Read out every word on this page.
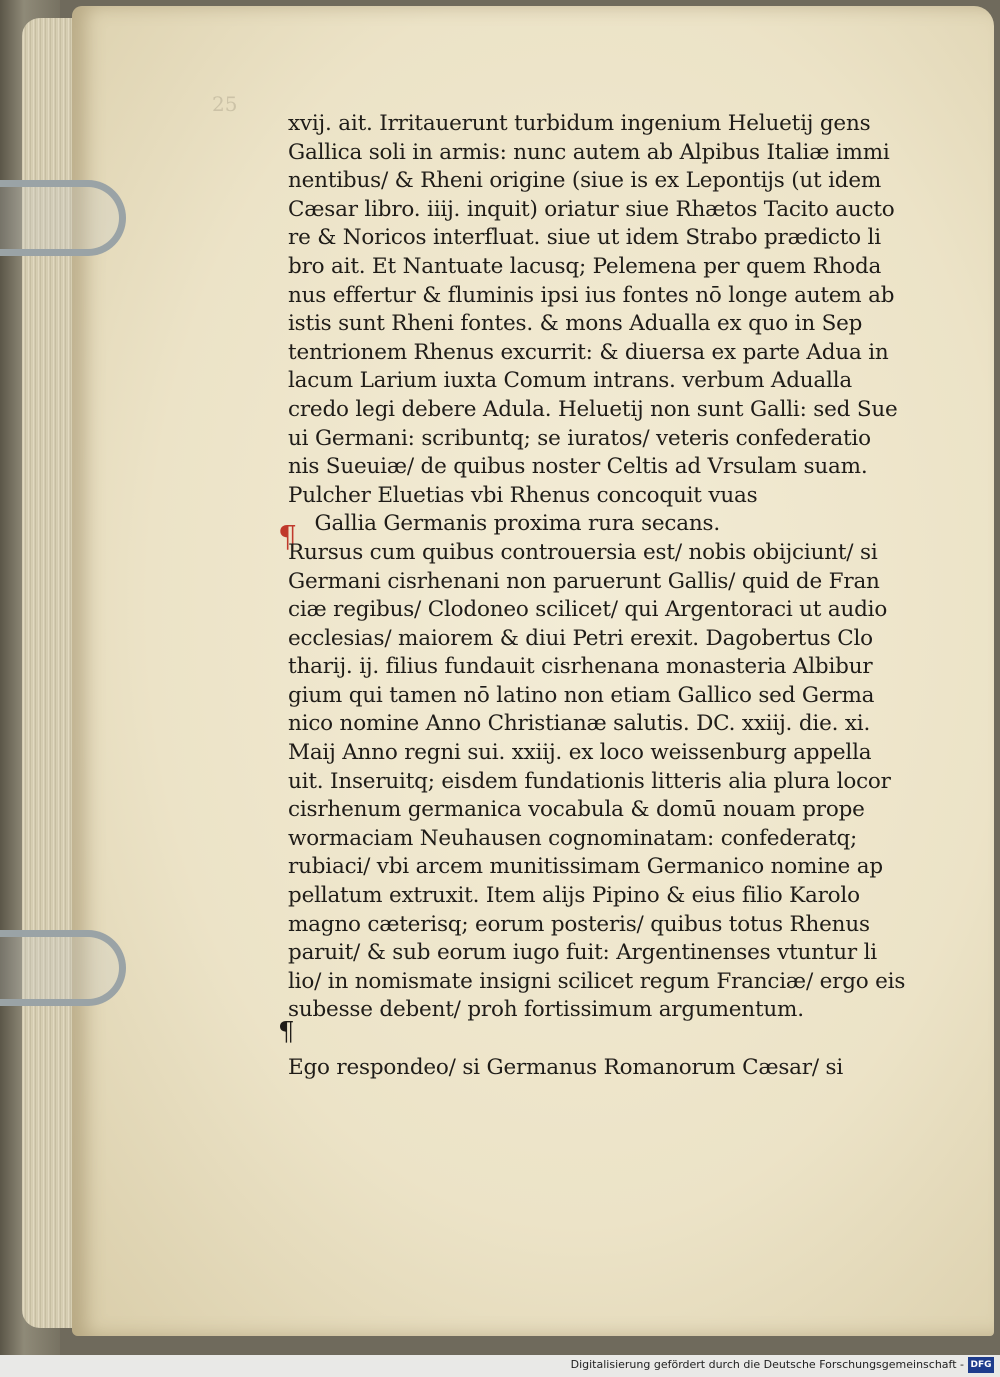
25
¶
¶
xvij. ait. Irritauerunt turbidum ingenium Heluetij gens
Gallica soli in armis: nunc autem ab Alpibus Italiæ immi
nentibus/ & Rheni origine (siue is ex Lepontijs (ut idem
Cæsar libro. iiij. inquit) oriatur siue Rhætos Tacito aucto
re & Noricos interfluat. siue ut idem Strabo prædicto li
bro ait. Et Nantuate lacusq; Pelemena per quem Rhoda
nus effertur & fluminis ipsi ius fontes nō longe autem ab
istis sunt Rheni fontes. & mons Adualla ex quo in Sep
tentrionem Rhenus excurrit: & diuersa ex parte Adua in
lacum Larium iuxta Comum intrans. verbum Adualla
credo legi debere Adula. Heluetij non sunt Galli: sed Sue
ui Germani: scribuntq; se iuratos/ veteris confederatio
nis Sueuiæ/ de quibus noster Celtis ad Vrsulam suam.
Pulcher Eluetias vbi Rhenus concoquit vuas
Gallia Germanis proxima rura secans.
Rursus cum quibus controuersia est/ nobis obijciunt/ si
Germani cisrhenani non paruerunt Gallis/ quid de Fran
ciæ regibus/ Clodoneo scilicet/ qui Argentoraci ut audio
ecclesias/ maiorem & diui Petri erexit. Dagobertus Clo
tharij. ij. filius fundauit cisrhenana monasteria Albibur
gium qui tamen nō latino non etiam Gallico sed Germa
nico nomine Anno Christianæ salutis. DC. xxiij. die. xi.
Maij Anno regni sui. xxiij. ex loco weissenburg appella
uit. Inseruitq; eisdem fundationis litteris alia plura locor
cisrhenum germanica vocabula & domū nouam prope
wormaciam Neuhausen cognominatam: confederatq;
rubiaci/ vbi arcem munitissimam Germanico nomine ap
pellatum extruxit. Item alijs Pipino & eius filio Karolo
magno cæterisq; eorum posteris/ quibus totus Rhenus
paruit/ & sub eorum iugo fuit: Argentinenses vtuntur li
lio/ in nomismate insigni scilicet regum Franciæ/ ergo eis
subesse debent/ proh fortissimum argumentum.
Ego respondeo/ si Germanus Romanorum Cæsar/ si
Digitalisierung gefördert durch die Deutsche Forschungsgemeinschaft - DFG
